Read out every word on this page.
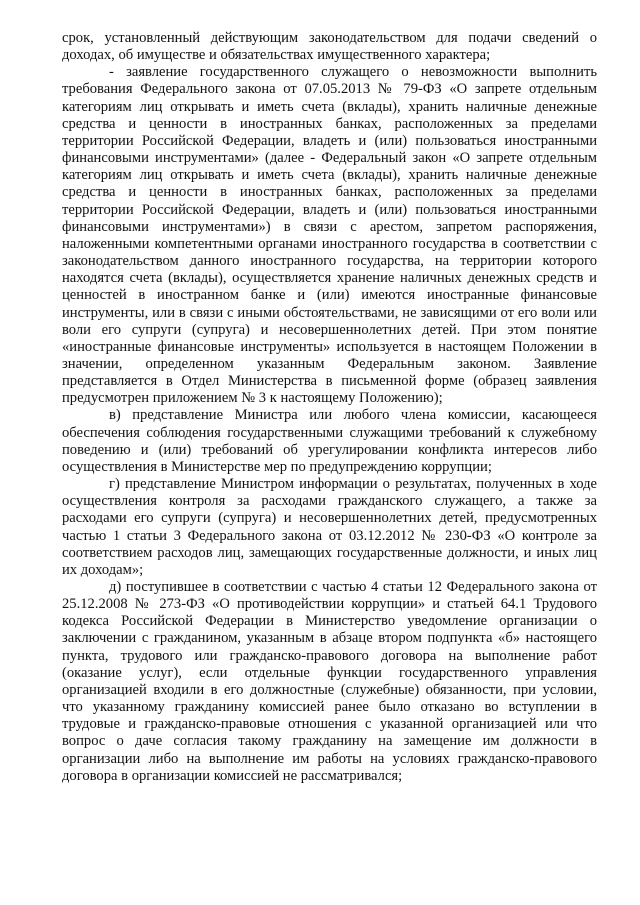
срок, установленный действующим законодательством для подачи сведений о доходах, об имуществе и обязательствах имущественного характера;

- заявление государственного служащего о невозможности выполнить требования Федерального закона от 07.05.2013 № 79-ФЗ «О запрете отдельным категориям лиц открывать и иметь счета (вклады), хранить наличные денежные средства и ценности в иностранных банках, расположенных за пределами территории Российской Федерации, владеть и (или) пользоваться иностранными финансовыми инструментами» (далее - Федеральный закон «О запрете отдельным категориям лиц открывать и иметь счета (вклады), хранить наличные денежные средства и ценности в иностранных банках, расположенных за пределами территории Российской Федерации, владеть и (или) пользоваться иностранными финансовыми инструментами») в связи с арестом, запретом распоряжения, наложенными компетентными органами иностранного государства в соответствии с законодательством данного иностранного государства, на территории которого находятся счета (вклады), осуществляется хранение наличных денежных средств и ценностей в иностранном банке и (или) имеются иностранные финансовые инструменты, или в связи с иными обстоятельствами, не зависящими от его воли или воли его супруги (супруга) и несовершеннолетних детей. При этом понятие «иностранные финансовые инструменты» используется в настоящем Положении в значении, определенном указанным Федеральным законом. Заявление представляется в Отдел Министерства в письменной форме (образец заявления предусмотрен приложением № 3 к настоящему Положению);

в) представление Министра или любого члена комиссии, касающееся обеспечения соблюдения государственными служащими требований к служебному поведению и (или) требований об урегулировании конфликта интересов либо осуществления в Министерстве мер по предупреждению коррупции;

г) представление Министром информации о результатах, полученных в ходе осуществления контроля за расходами гражданского служащего, а также за расходами его супруги (супруга) и несовершеннолетних детей, предусмотренных частью 1 статьи 3 Федерального закона от 03.12.2012 № 230-ФЗ «О контроле за соответствием расходов лиц, замещающих государственные должности, и иных лиц их доходам»;

д) поступившее в соответствии с частью 4 статьи 12 Федерального закона от 25.12.2008 № 273-ФЗ «О противодействии коррупции» и статьей 64.1 Трудового кодекса Российской Федерации в Министерство уведомление организации о заключении с гражданином, указанным в абзаце втором подпункта «б» настоящего пункта, трудового или гражданско-правового договора на выполнение работ (оказание услуг), если отдельные функции государственного управления организацией входили в его должностные (служебные) обязанности, при условии, что указанному гражданину комиссией ранее было отказано во вступлении в трудовые и гражданско-правовые отношения с указанной организацией или что вопрос о даче согласия такому гражданину на замещение им должности в организации либо на выполнение им работы на условиях гражданско-правового договора в организации комиссией не рассматривался;
